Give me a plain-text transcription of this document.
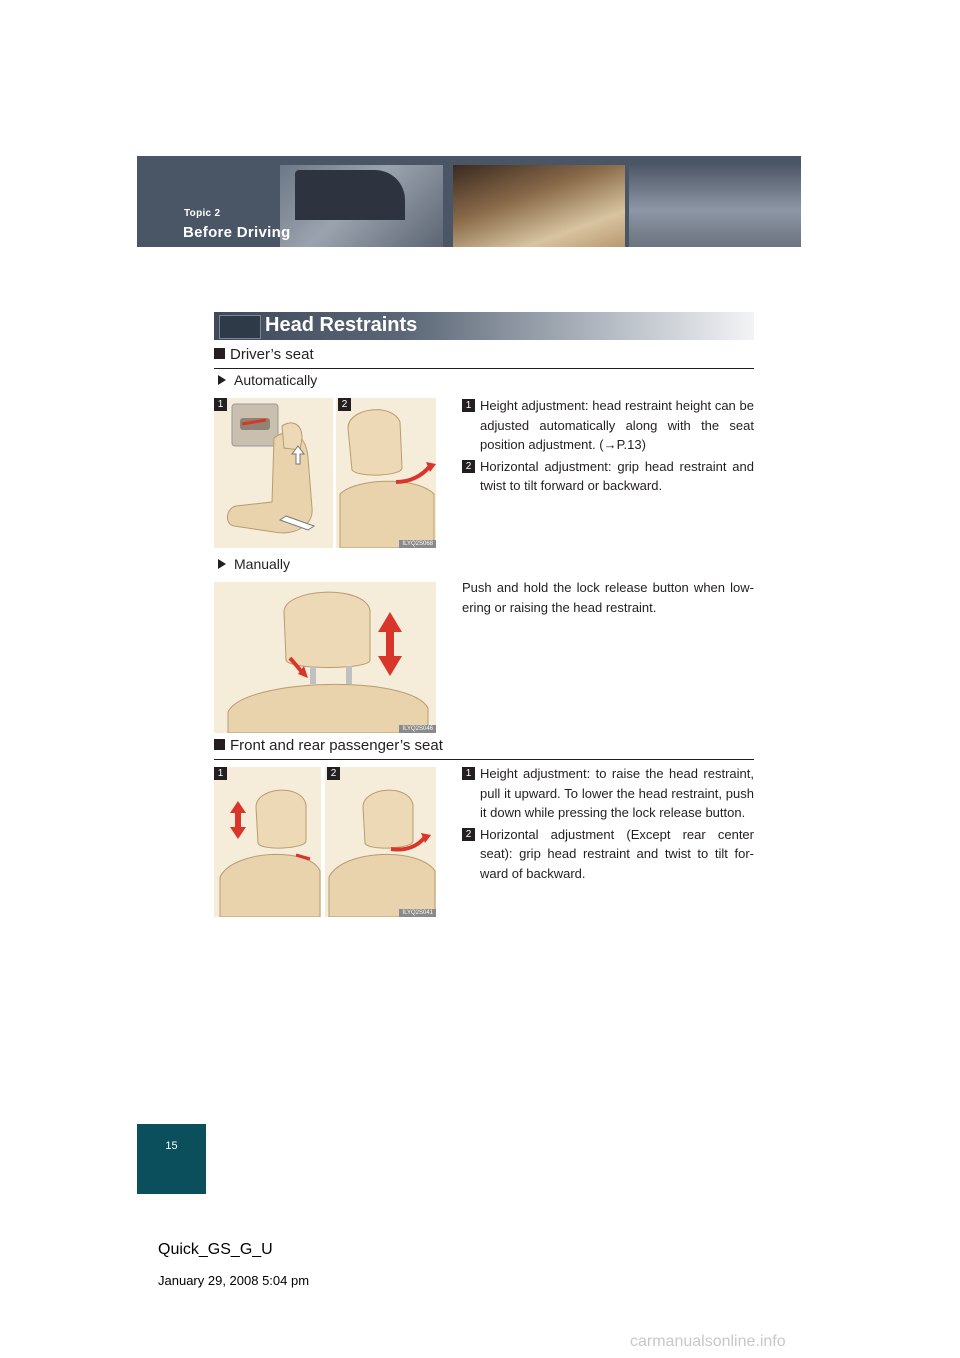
Topic 2
Before Driving
Head Restraints
Driver’s seat
Automatically
1	2
ILYQ2S068
1 Height adjustment: head restraint height can be adjusted automatically along with the seat position adjustment. (→P.13)
2 Horizontal adjustment: grip head restraint and twist to tilt forward or backward.
Manually
ILYQ2S046
Push and hold the lock release button when low-ering or raising the head restraint.
Front and rear passenger’s seat
1	2
ILYQ2S041
1 Height adjustment: to raise the head restraint, pull it upward. To lower the head restraint, push it down while pressing the lock release button.
2 Horizontal adjustment (Except rear center seat): grip head restraint and twist to tilt for-ward of backward.
15
Quick_GS_G_U
January 29, 2008 5:04 pm
carmanualsonline.info
